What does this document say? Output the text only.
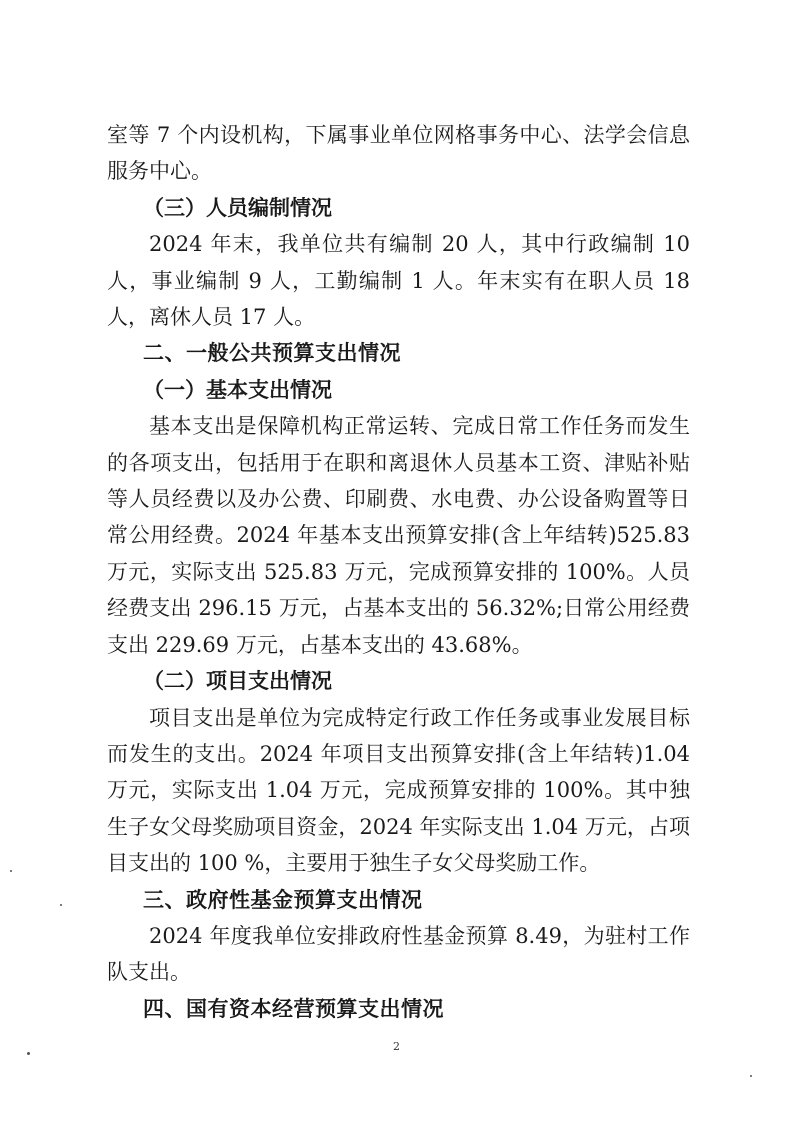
室等 7 个内设机构，下属事业单位网格事务中心、法学会信息服务中心。

（三）人员编制情况

2024 年末，我单位共有编制 20 人，其中行政编制 10 人，事业编制 9 人，工勤编制 1 人。年末实有在职人员 18 人，离休人员 17 人。

二、一般公共预算支出情况

（一）基本支出情况

基本支出是保障机构正常运转、完成日常工作任务而发生的各项支出，包括用于在职和离退休人员基本工资、津贴补贴等人员经费以及办公费、印刷费、水电费、办公设备购置等日常公用经费。2024 年基本支出预算安排(含上年结转)525.83 万元，实际支出 525.83 万元，完成预算安排的 100%。人员经费支出 296.15 万元，占基本支出的 56.32%;日常公用经费支出 229.69 万元，占基本支出的 43.68%。

（二）项目支出情况

项目支出是单位为完成特定行政工作任务或事业发展目标而发生的支出。2024 年项目支出预算安排(含上年结转)1.04 万元，实际支出 1.04 万元，完成预算安排的 100%。其中独生子女父母奖励项目资金，2024 年实际支出 1.04 万元，占项目支出的 100 %，主要用于独生子女父母奖励工作。

三、政府性基金预算支出情况

2024 年度我单位安排政府性基金预算 8.49，为驻村工作队支出。

四、国有资本经营预算支出情况

2
